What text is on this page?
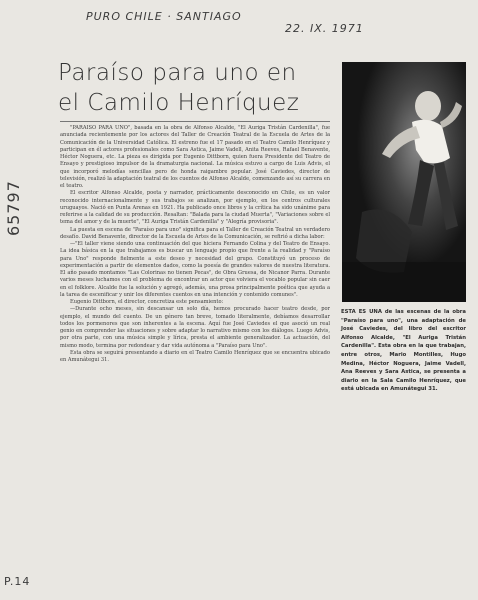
PURO CHILE · SANTIAGO
22. IX. 1971
65797
P.14
Paraíso para uno en
el Camilo Henríquez

"PARAISO PARA UNO", basada en la obra de Alfonso Alcalde, "El Auriga Tristán Cardenilla", fue anunciada recientemente por los actores del Taller de Creación Teatral de la Escuela de Artes de la Comunicación de la Universidad Católica. El estreno fue el 17 pasado en el Teatro Camilo Henríquez y participan en él actores profesionales como Sara Astica, Jaime Vadell, Anita Reeves, Rafael Benavente, Héctor Noguera, etc. La pieza es dirigida por Eugenio Dittborn, quien fuera Presidente del Teatro de Ensayo y prestigioso impulsor de la dramaturgia nacional. La música estuvo a cargo de Luis Advis, el que incorporó melodías sencillas pero de honda raigambre popular. José Caviedes, director de televisión, realizó la adaptación teatral de los cuentos de Alfonso Alcalde, comenzando así su carrera en el teatro.

El escritor Alfonso Alcalde, poeta y narrador, prácticamente desconocido en Chile, es un valor reconocido internacionalmente y sus trabajos se analizan, por ejemplo, en los centros culturales uruguayos. Nació en Punta Arenas en 1921. Ha publicado once libros y la crítica ha sido unánime para referirse a la calidad de su producción. Resaltan: "Balada para la ciudad Muerta", "Variaciones sobre el tema del amor y de la muerte", "El Auriga Tristán Cardenilla" y "Alegría provisoria".

La puesta en escena de "Paraíso para uno" significa para el Taller de Creación Teatral un verdadero desafío. David Benavente, director de la Escuela de Artes de la Comunicación, se refirió a dicha labor:

—"El taller viene siendo una continuación del que hiciera Fernando Colina y del Teatro de Ensayo. La idea básica en la que trabajamos es buscar un lenguaje propio que frente a la realidad y "Paraíso para Uno" responde fielmente a este deseo y necesidad del grupo. Constituyó un proceso de experimentación a partir de elementos dados, como la poesía de grandes valores de nuestra literatura. El año pasado montamos "Las Colorinas no tienen Pecas", de Obra Gruesa, de Nicanor Parra. Durante varios meses luchamos con el problema de encontrar un actor que volviera el vocablo popular sin caer en el folklore. Alcalde fue la solución y agregó, además, una prosa principalmente poética que ayuda a la tarea de escenificar y unir los diferentes cuentos en una intención y contenido comunes".

Eugenio Dittborn, el director, concretiza este pensamiento:

—Durante ocho meses, sin descansar un solo día, hemos procurado hacer teatro desde, por ejemplo, el mundo del cuento. De un género tan breve, tomado literalmente, debíamos desarrollar todos los pormenores que son inherentes a la escena. Aquí fue José Caviedes el que asoció un real genio en comprender las situaciones y sobre adaptar lo narrativo mismo con los diálogos. Luego Advis, por otra parte, con una música simple y lírica, presta el ambiente generalizador. La actuación, del mismo modo, termina por redondear y dar vida autónoma a "Paraíso para Uno".

Esta obra se seguirá presentando a diario en el Teatro Camilo Henríquez que se encuentra ubicado en Amunátegui 31.

ESTA ES UNA de las escenas de la obra "Paraíso para uno", una adaptación de José Caviedes, del libro del escritor Alfonso Alcalde, "El Auriga Tristán Cardenilla". Esta obra en la que trabajan, entre otros, Mario Montilles, Hugo Medina, Héctor Noguera, Jaime Vadell, Ana Reeves y Sara Astica, se presenta a diario en la Sala Camilo Henríquez, que está ubicada en Amunátegui 31.
